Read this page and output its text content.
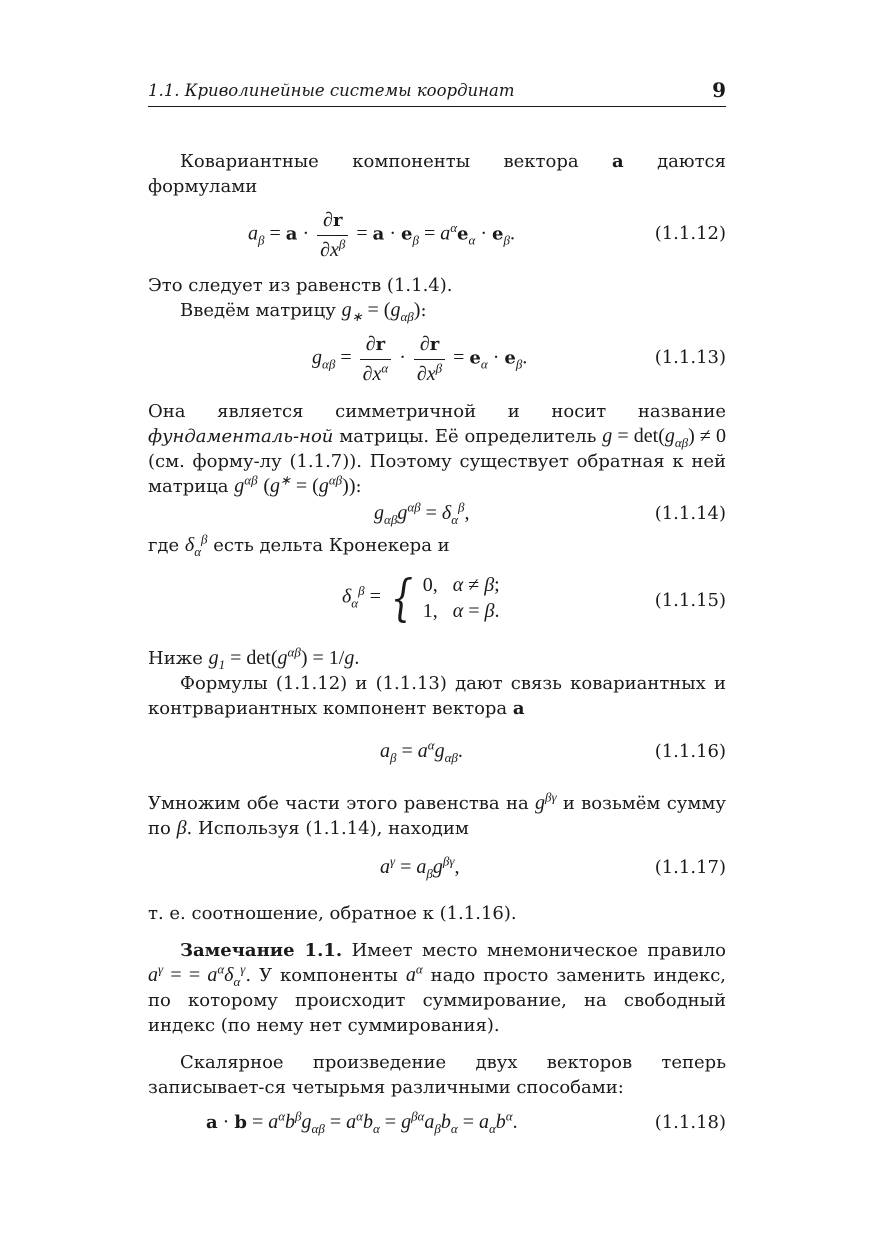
1.1. Криволинейные системы координат	9

Ковариантные компоненты вектора a даются формулами

$a_\beta = a \cdot \frac{\partial r}{\partial x^\beta} = a \cdot e_\beta = a^\alpha e_\alpha \cdot e_\beta$.	(1.1.12)

Это следует из равенств (1.1.4).

Введём матрицу $g_∗ = (g_{\alpha\beta})$:

$g_{\alpha\beta} = \frac{\partial r}{\partial x^\alpha} \cdot \frac{\partial r}{\partial x^\beta} = e_\alpha \cdot e_\beta$.	(1.1.13)

Она является симметричной и носит название фундаменталь-ной матрицы. Её определитель $g = \det(g_{\alpha\beta}) \ne 0$ (см. форму-лу (1.1.7)). Поэтому существует обратная к ней матрица $g^{\alpha\beta}$ $(g^∗ = (g^{\alpha\beta}))$:

$g_{\alpha\beta}g^{\alpha\beta} = \delta_\alpha^\beta$,	(1.1.14)

где $\delta_\alpha^\beta$ есть дельта Кронекера и

$\delta_\alpha^\beta$ = { 0,   α ≠ β;
1,   α = β.	(1.1.15)

Ниже $g_1 = \det(g^{\alpha\beta}) = 1/g$.

Формулы (1.1.12) и (1.1.13) дают связь ковариантных и контрвариантных компонент вектора a

$a_\beta = a^\alpha g_{\alpha\beta}$.	(1.1.16)

Умножим обе части этого равенства на $g^{\beta\gamma}$ и возьмём сумму по β. Используя (1.1.14), находим

$a^\gamma = a_\beta g^{\beta\gamma}$,	(1.1.17)

т. е. соотношение, обратное к (1.1.16).

Замечание 1.1. Имеет место мнемоническое правило $a^\gamma$ = = $a^\alpha\delta_\alpha^\gamma$. У компоненты $a^\alpha$ надо просто заменить индекс, по которому происходит суммирование, на свободный индекс (по нему нет суммирования).

Скалярное произведение двух векторов теперь записывает-ся четырьмя различными способами:

$a \cdot b = a^\alpha b^\beta g_{\alpha\beta} = a^\alpha b_\alpha = g^{\beta\alpha}a_\beta b_\alpha = a_\alpha b^\alpha$.	(1.1.18)
